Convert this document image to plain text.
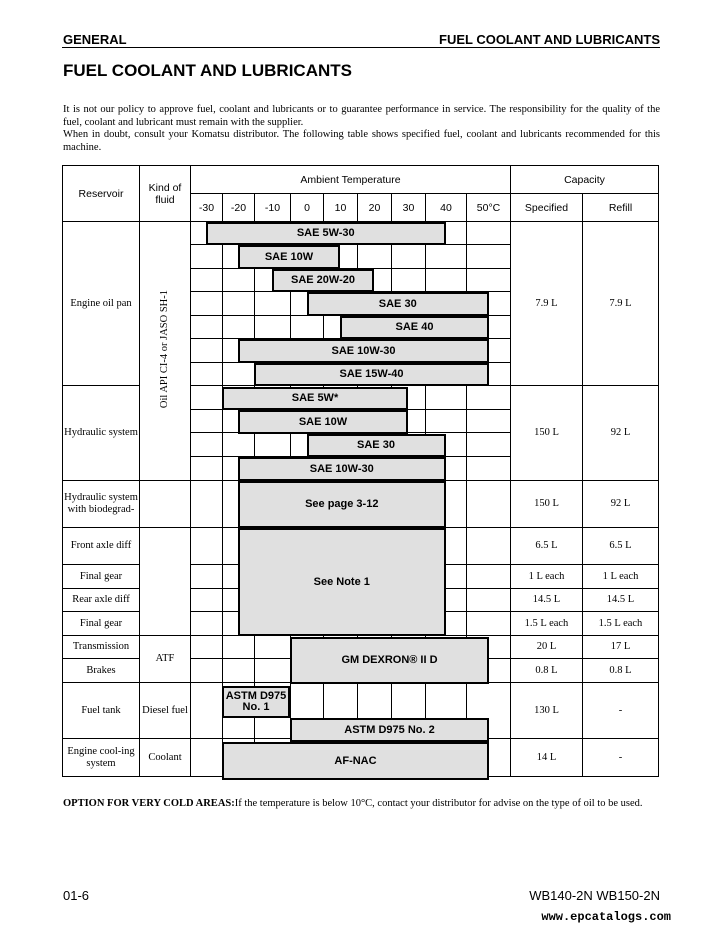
GENERAL	FUEL COOLANT AND LUBRICANTS
FUEL COOLANT AND LUBRICANTS

It is not our policy to approve fuel, coolant and lubricants or to guarantee performance in service. The responsibility for the quality of the fuel, coolant and lubricant must remain with the supplier.

When in doubt, consult your Komatsu distributor. The following table shows specified fuel, coolant and lubricants recommended for this machine.

Reservoir	Kind of fluid	Ambient Temperature									Capacity	
		-30	-20	-10	0	10	20	30	40	50°C	Specified	Refill
Engine oil pan	Oil API CI-4 or JASO SH-1										7.9 L	7.9 L

Hydraulic system											150 L	92 L

Hydraulic system with biodegrad-											150 L	92 L
Front axle diff											6.5 L	6.5 L
Final gear											1 L each	1 L each
Rear axle diff											14.5 L	14.5 L
Final gear											1.5 L each	1.5 L each
Transmission	ATF										20 L	17 L
Brakes											0.8 L	0.8 L
Fuel tank	Diesel fuel										130 L	-
Engine cool-ing system	Coolant										14 L	-
SAE 5W-30
SAE 10W
SAE 20W-20
SAE 30
SAE 40
SAE 10W-30
SAE 15W-40
SAE 5W*
SAE 10W
SAE 30
SAE 10W-30
See page 3-12
See Note 1
GM DEXRON® II D
ASTM D975 No. 1
ASTM D975 No. 2
AF-NAC
OPTION FOR VERY COLD AREAS:If the temperature is below 10°C, contact your distributor for advise on the type of oil to be used.
01-6	WB140-2N WB150-2N
www.epcatalogs.com
